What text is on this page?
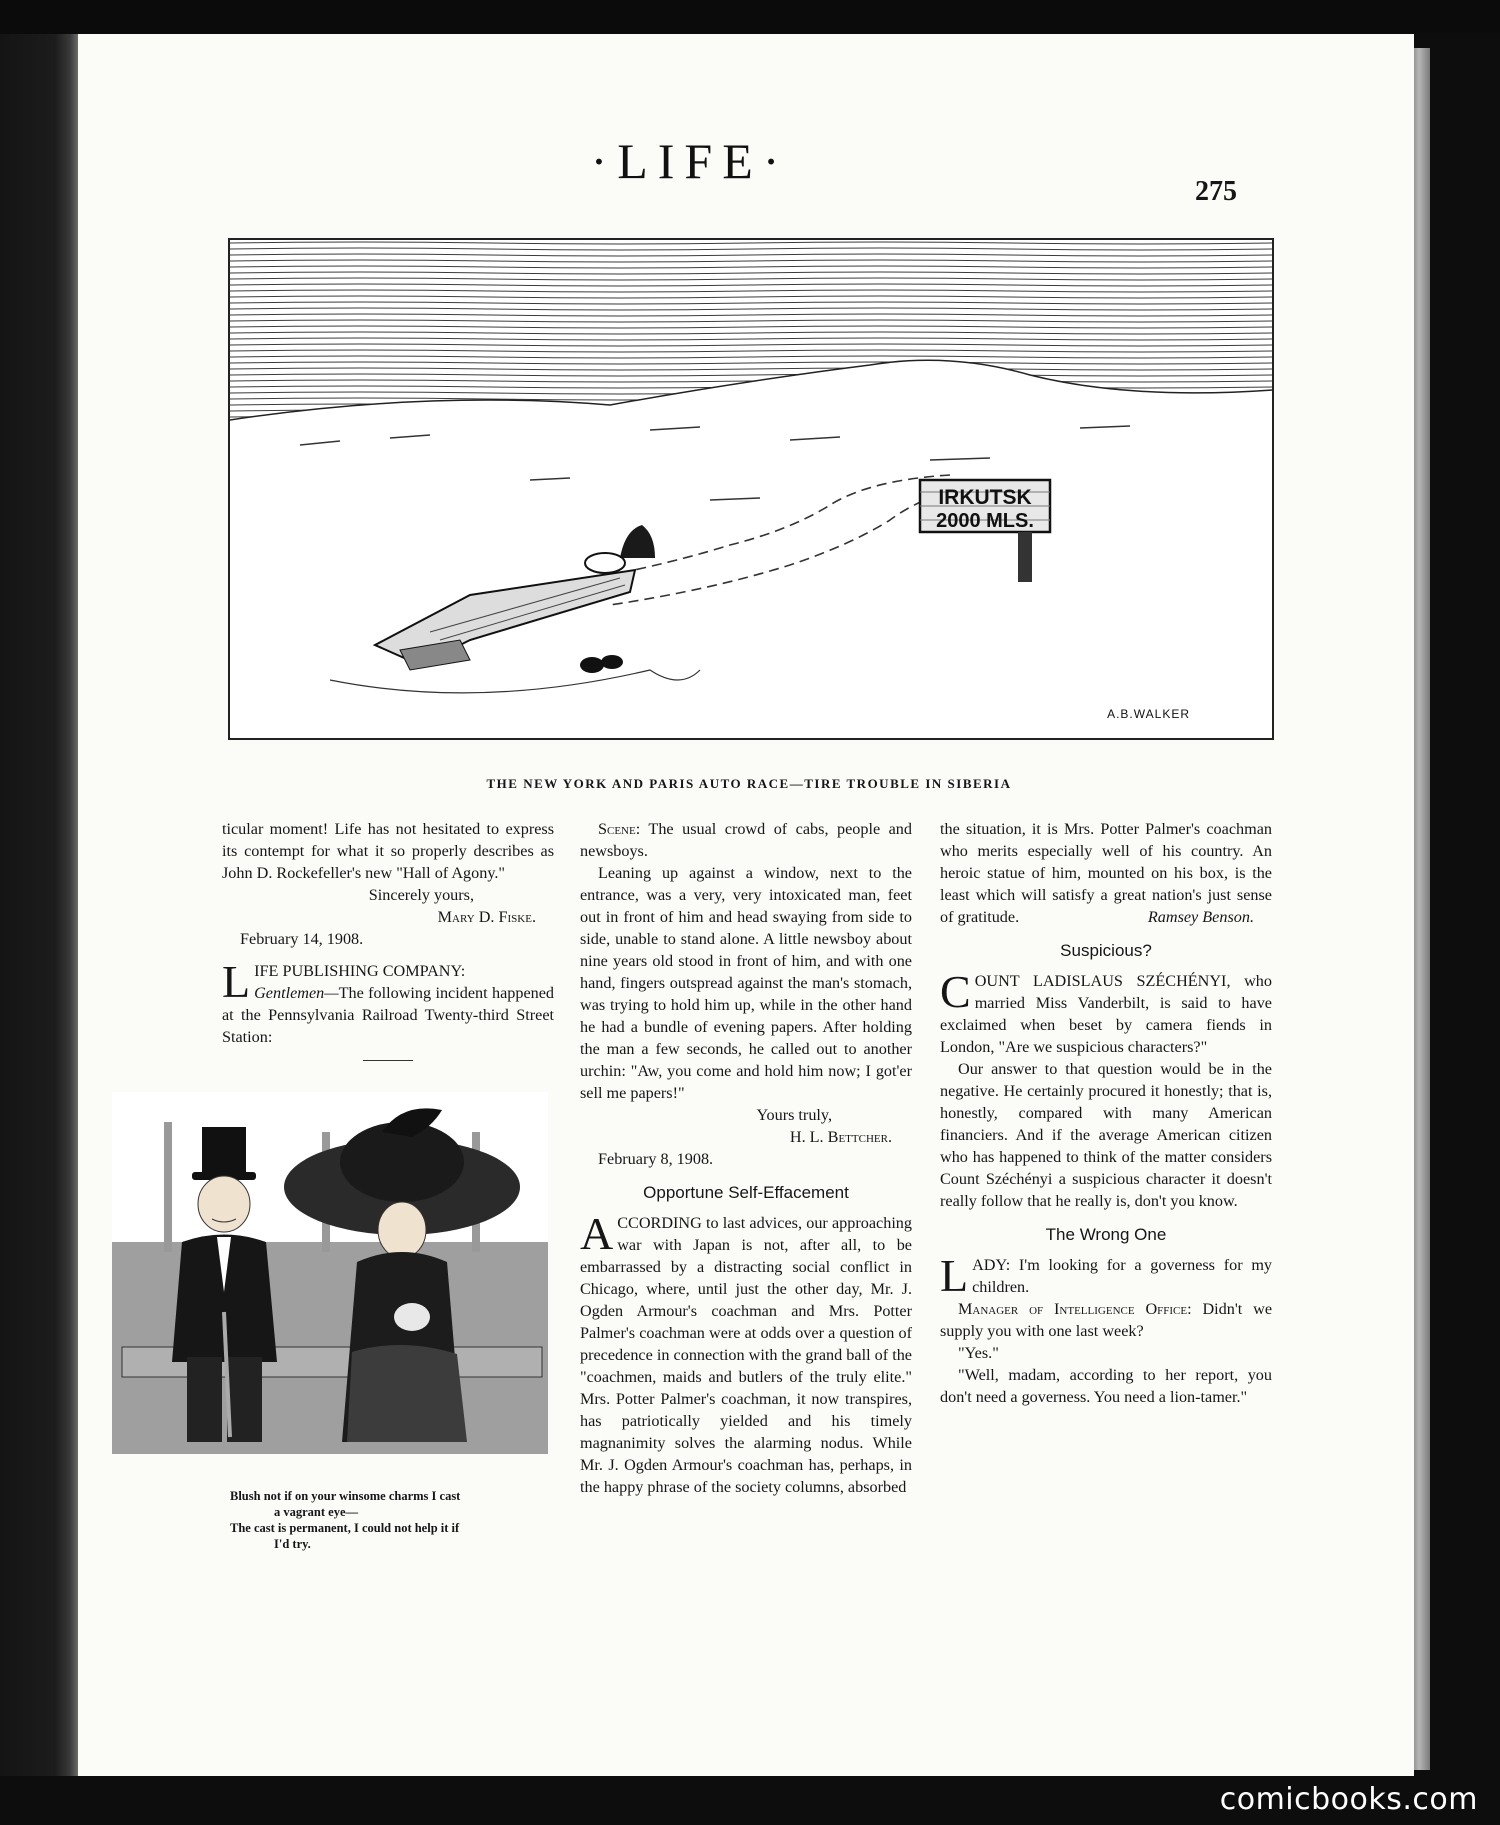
·LIFE·
275
IRKUTSK
2000 MLS.
A.B.WALKER
THE NEW YORK AND PARIS AUTO RACE—TIRE TROUBLE IN SIBERIA

ticular moment! Life has not hesitated to express its contempt for what it so properly describes as John D. Rockefeller's new "Hall of Agony."

Sincerely yours,

Mary D. Fiske.

February 14, 1908.

LIFE PUBLISHING COMPANY:
Gentlemen—The following incident happened at the Pennsylvania Railroad Twenty-third Street Station:

Blush not if on your winsome charms I cast
a vagrant eye—
The cast is permanent, I could not help it if
I'd try.

Scene: The usual crowd of cabs, people and newsboys.

Leaning up against a window, next to the entrance, was a very, very intoxicated man, feet out in front of him and head swaying from side to side, unable to stand alone. A little newsboy about nine years old stood in front of him, and with one hand, fingers outspread against the man's stomach, was trying to hold him up, while in the other hand he had a bundle of evening papers. After holding the man a few seconds, he called out to another urchin: "Aw, you come and hold him now; I got'er sell me papers!"

Yours truly,

H. L. Bettcher.

February 8, 1908.

Opportune Self-Effacement

ACCORDING to last advices, our approaching war with Japan is not, after all, to be embarrassed by a distracting social conflict in Chicago, where, until just the other day, Mr. J. Ogden Armour's coachman and Mrs. Potter Palmer's coachman were at odds over a question of precedence in connection with the grand ball of the "coachmen, maids and butlers of the truly elite." Mrs. Potter Palmer's coachman, it now transpires, has patriotically yielded and his timely magnanimity solves the alarming nodus. While Mr. J. Ogden Armour's coachman has, perhaps, in the happy phrase of the society columns, absorbed

the situation, it is Mrs. Potter Palmer's coachman who merits especially well of his country. An heroic statue of him, mounted on his box, is the least which will satisfy a great nation's just sense of gratitude.	Ramsey Benson.

Suspicious?

COUNT LADISLAUS SZÉCHÉNYI, who married Miss Vanderbilt, is said to have exclaimed when beset by camera fiends in London, "Are we suspicious characters?"

Our answer to that question would be in the negative. He certainly procured it honestly; that is, honestly, compared with many American financiers. And if the average American citizen who has happened to think of the matter considers Count Széchényi a suspicious character it doesn't really follow that he really is, don't you know.

The Wrong One

LADY: I'm looking for a governess for my children.

Manager of Intelligence Office: Didn't we supply you with one last week?

"Yes."

"Well, madam, according to her report, you don't need a governess. You need a lion-tamer."

comicbooks.com
